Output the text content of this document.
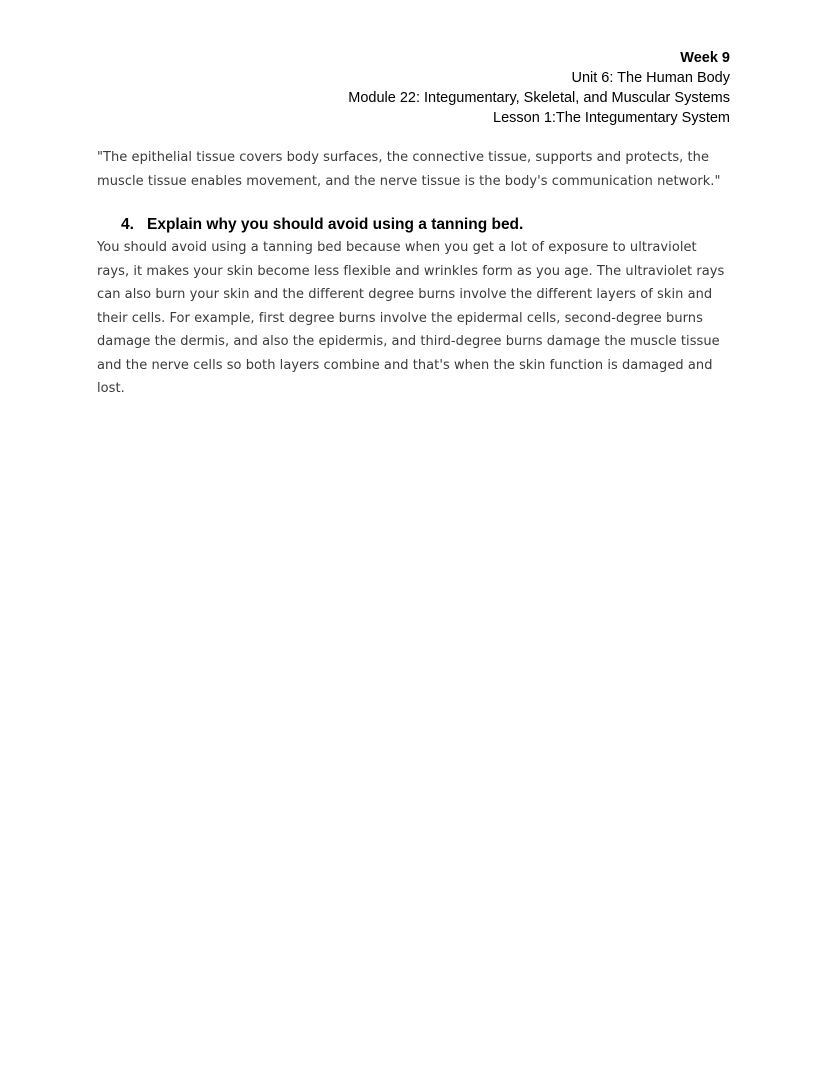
Week 9
Unit 6: The Human Body
Module 22: Integumentary, Skeletal, and Muscular Systems
Lesson 1:The Integumentary System
"The epithelial tissue covers body surfaces, the connective tissue, supports and protects, the
muscle tissue enables movement, and the nerve tissue is the body's communication network."
4. Explain why you should avoid using a tanning bed.
You should avoid using a tanning bed because when you get a lot of exposure to ultraviolet
rays, it makes your skin become less flexible and wrinkles form as you age. The ultraviolet rays
can also burn your skin and the different degree burns involve the different layers of skin and
their cells. For example, first degree burns involve the epidermal cells, second-degree burns
damage the dermis, and also the epidermis, and third-degree burns damage the muscle tissue
and the nerve cells so both layers combine and that's when the skin function is damaged and
lost.
